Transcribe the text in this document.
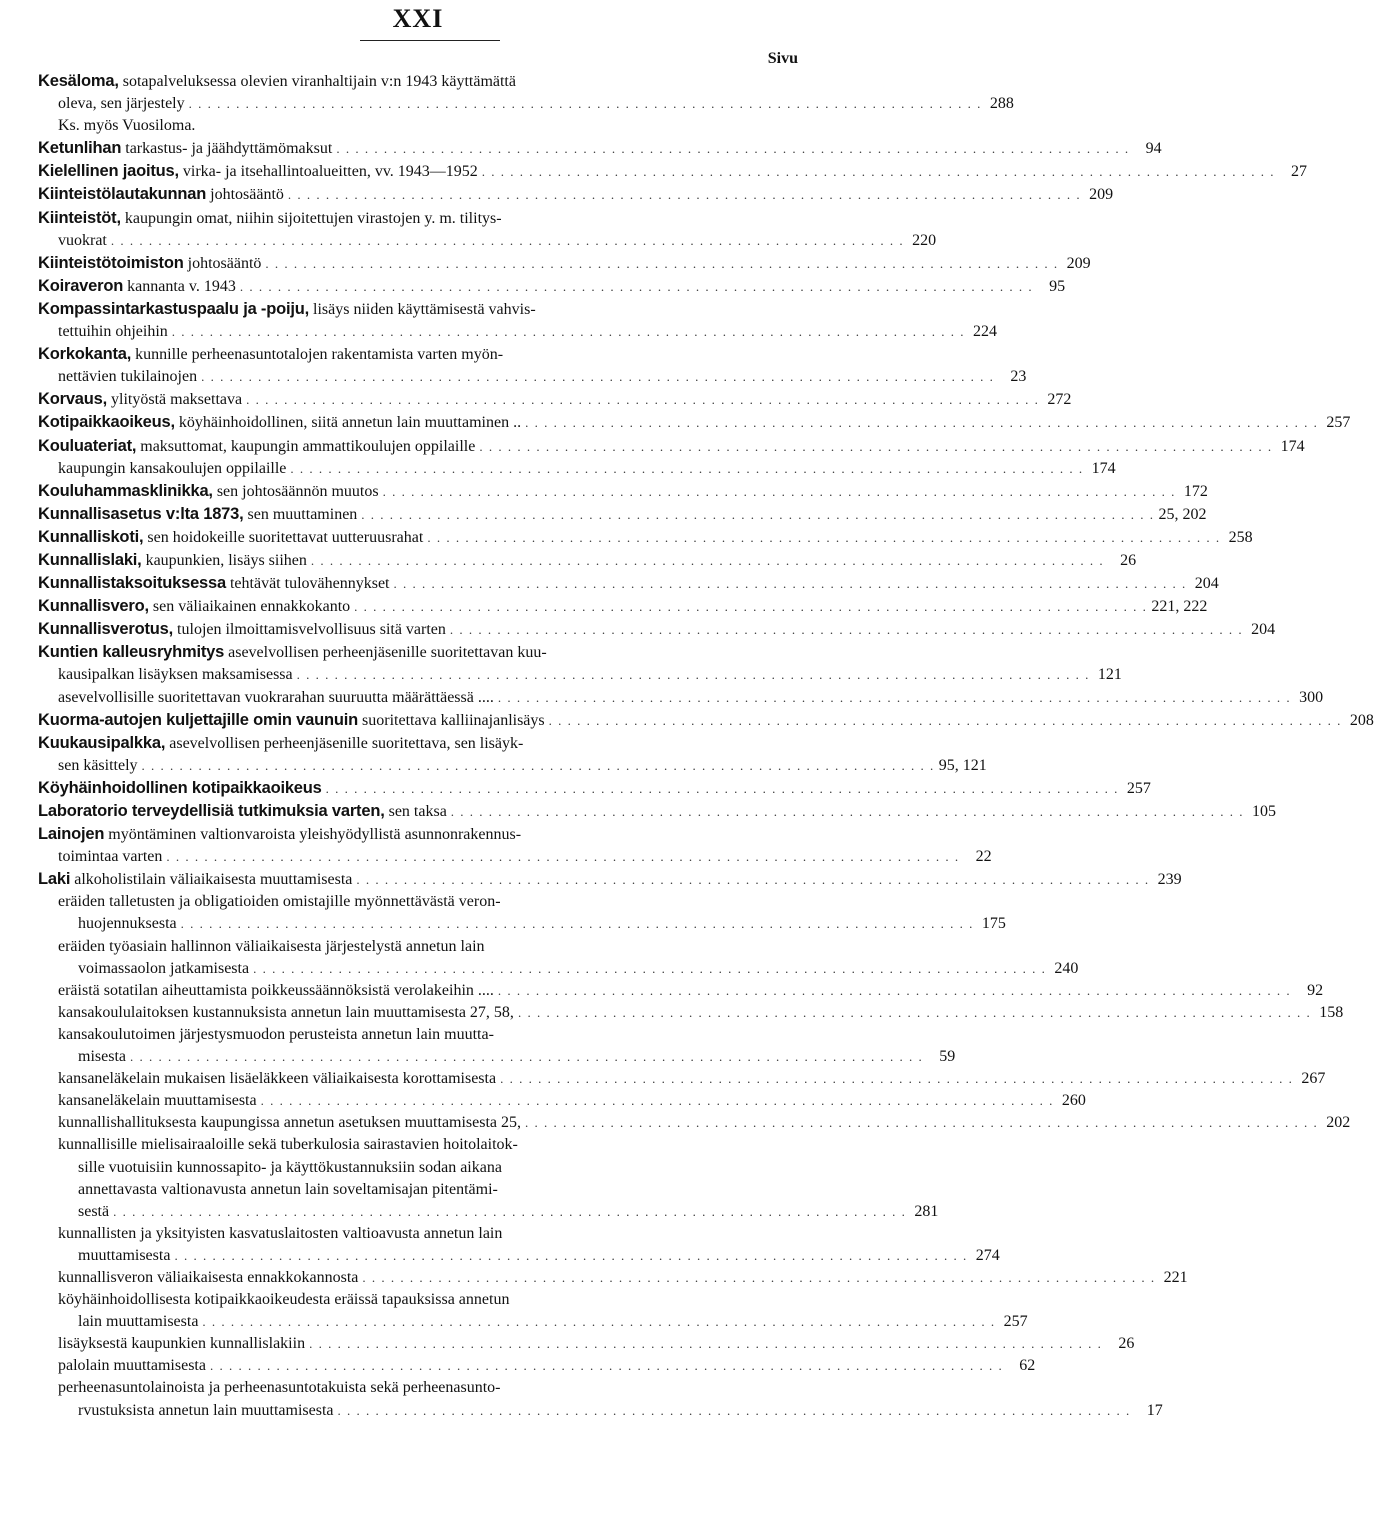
XXI
Sivu
Kesäloma, sotapalveluksessa olevien viranhaltijain v:n 1943 käyttämättä
oleva, sen järjestely . . . . . . . . . . . . . . . . . . . . . . . . . . . . . . . . . . . . . . . . . . . . . . . . . . . . . . . . . . . . . . . . . . . . . . . . . . . . . . . . . . . . 288
Ks. myös Vuosiloma.
Ketunlihan tarkastus- ja jäähdyttämömaksut . . . . . . . . . . . . . . . . . . . . . . . . . . . . . . . . . . . . . . . . . . . . . . . . . . . . . . . . . . . . . . . . . . . . . . . . . . . . . . . . . . . .	94
Kielellinen jaoitus, virka- ja itsehallintoalueitten, vv. 1943—1952 . . . . . . . . . . . . . . . . . . . . . . . . . . . . . . . . . . . . . . . . . . . . . . . . . . . . . . . . . . . . . . . . . . . . . . . . . . . . . . . . . . . .	27
Kiinteistölautakunnan johtosääntö . . . . . . . . . . . . . . . . . . . . . . . . . . . . . . . . . . . . . . . . . . . . . . . . . . . . . . . . . . . . . . . . . . . . . . . . . . . . . . . . . . . . 209
Kiinteistöt, kaupungin omat, niihin sijoitettujen virastojen y. m. tilitys-
vuokrat . . . . . . . . . . . . . . . . . . . . . . . . . . . . . . . . . . . . . . . . . . . . . . . . . . . . . . . . . . . . . . . . . . . . . . . . . . . . . . . . . . . . 220
Kiinteistötoimiston johtosääntö . . . . . . . . . . . . . . . . . . . . . . . . . . . . . . . . . . . . . . . . . . . . . . . . . . . . . . . . . . . . . . . . . . . . . . . . . . . . . . . . . . . . 209
Koiraveron kannanta v. 1943 . . . . . . . . . . . . . . . . . . . . . . . . . . . . . . . . . . . . . . . . . . . . . . . . . . . . . . . . . . . . . . . . . . . . . . . . . . . . . . . . . . . .	95
Kompassintarkastuspaalu ja -poiju, lisäys niiden käyttämisestä vahvis-
tettuihin ohjeihin . . . . . . . . . . . . . . . . . . . . . . . . . . . . . . . . . . . . . . . . . . . . . . . . . . . . . . . . . . . . . . . . . . . . . . . . . . . . . . . . . . . . 224
Korkokanta, kunnille perheenasuntotalojen rakentamista varten myön-
nettävien tukilainojen . . . . . . . . . . . . . . . . . . . . . . . . . . . . . . . . . . . . . . . . . . . . . . . . . . . . . . . . . . . . . . . . . . . . . . . . . . . . . . . . . . . .	23
Korvaus, ylityöstä maksettava . . . . . . . . . . . . . . . . . . . . . . . . . . . . . . . . . . . . . . . . . . . . . . . . . . . . . . . . . . . . . . . . . . . . . . . . . . . . . . . . . . . . 272
Kotipaikkaoikeus, köyhäinhoidollinen, siitä annetun lain muuttaminen .. . . . . . . . . . . . . . . . . . . . . . . . . . . . . . . . . . . . . . . . . . . . . . . . . . . . . . . . . . . . . . . . . . . . . . . . . . . . . . . . . . . . . 257
Kouluateriat, maksuttomat, kaupungin ammattikoulujen oppilaille . . . . . . . . . . . . . . . . . . . . . . . . . . . . . . . . . . . . . . . . . . . . . . . . . . . . . . . . . . . . . . . . . . . . . . . . . . . . . . . . . . . . 174
kaupungin kansakoulujen oppilaille . . . . . . . . . . . . . . . . . . . . . . . . . . . . . . . . . . . . . . . . . . . . . . . . . . . . . . . . . . . . . . . . . . . . . . . . . . . . . . . . . . . . 174
Kouluhammasklinikka, sen johtosäännön muutos . . . . . . . . . . . . . . . . . . . . . . . . . . . . . . . . . . . . . . . . . . . . . . . . . . . . . . . . . . . . . . . . . . . . . . . . . . . . . . . . . . . . 172
Kunnallisasetus v:lta 1873, sen muuttaminen . . . . . . . . . . . . . . . . . . . . . . . . . . . . . . . . . . . . . . . . . . . . . . . . . . . . . . . . . . . . . . . . . . . . . . . . . . . . . . . . . . . . 25, 202
Kunnalliskoti, sen hoidokeille suoritettavat uutteruusrahat . . . . . . . . . . . . . . . . . . . . . . . . . . . . . . . . . . . . . . . . . . . . . . . . . . . . . . . . . . . . . . . . . . . . . . . . . . . . . . . . . . . . 258
Kunnallislaki, kaupunkien, lisäys siihen . . . . . . . . . . . . . . . . . . . . . . . . . . . . . . . . . . . . . . . . . . . . . . . . . . . . . . . . . . . . . . . . . . . . . . . . . . . . . . . . . . . .	26
Kunnallistaksoituksessa tehtävät tulovähennykset . . . . . . . . . . . . . . . . . . . . . . . . . . . . . . . . . . . . . . . . . . . . . . . . . . . . . . . . . . . . . . . . . . . . . . . . . . . . . . . . . . . . 204
Kunnallisvero, sen väliaikainen ennakkokanto . . . . . . . . . . . . . . . . . . . . . . . . . . . . . . . . . . . . . . . . . . . . . . . . . . . . . . . . . . . . . . . . . . . . . . . . . . . . . . . . . . . . 221, 222
Kunnallisverotus, tulojen ilmoittamisvelvollisuus sitä varten . . . . . . . . . . . . . . . . . . . . . . . . . . . . . . . . . . . . . . . . . . . . . . . . . . . . . . . . . . . . . . . . . . . . . . . . . . . . . . . . . . . . 204
Kuntien kalleusryhmitys asevelvollisen perheenjäsenille suoritettavan kuu-
kausipalkan lisäyksen maksamisessa . . . . . . . . . . . . . . . . . . . . . . . . . . . . . . . . . . . . . . . . . . . . . . . . . . . . . . . . . . . . . . . . . . . . . . . . . . . . . . . . . . . . 121
asevelvollisille suoritettavan vuokrarahan suuruutta määrättäessä .... . . . . . . . . . . . . . . . . . . . . . . . . . . . . . . . . . . . . . . . . . . . . . . . . . . . . . . . . . . . . . . . . . . . . . . . . . . . . . . . . . . . . 300
Kuorma-autojen kuljettajille omin vaunuin suoritettava kalliinajanlisäys . . . . . . . . . . . . . . . . . . . . . . . . . . . . . . . . . . . . . . . . . . . . . . . . . . . . . . . . . . . . . . . . . . . . . . . . . . . . . . . . . . . . 208
Kuukausipalkka, asevelvollisen perheenjäsenille suoritettava, sen lisäyk-
sen käsittely . . . . . . . . . . . . . . . . . . . . . . . . . . . . . . . . . . . . . . . . . . . . . . . . . . . . . . . . . . . . . . . . . . . . . . . . . . . . . . . . . . . . 95, 121
Köyhäinhoidollinen kotipaikkaoikeus . . . . . . . . . . . . . . . . . . . . . . . . . . . . . . . . . . . . . . . . . . . . . . . . . . . . . . . . . . . . . . . . . . . . . . . . . . . . . . . . . . . . 257
Laboratorio terveydellisiä tutkimuksia varten, sen taksa . . . . . . . . . . . . . . . . . . . . . . . . . . . . . . . . . . . . . . . . . . . . . . . . . . . . . . . . . . . . . . . . . . . . . . . . . . . . . . . . . . . . 105
Lainojen myöntäminen valtionvaroista yleishyödyllistä asunnonrakennus-
toimintaa varten . . . . . . . . . . . . . . . . . . . . . . . . . . . . . . . . . . . . . . . . . . . . . . . . . . . . . . . . . . . . . . . . . . . . . . . . . . . . . . . . . . . .	22
Laki alkoholistilain väliaikaisesta muuttamisesta . . . . . . . . . . . . . . . . . . . . . . . . . . . . . . . . . . . . . . . . . . . . . . . . . . . . . . . . . . . . . . . . . . . . . . . . . . . . . . . . . . . . 239
eräiden talletusten ja obligatioiden omistajille myönnettävästä veron-
huojennuksesta . . . . . . . . . . . . . . . . . . . . . . . . . . . . . . . . . . . . . . . . . . . . . . . . . . . . . . . . . . . . . . . . . . . . . . . . . . . . . . . . . . . . 175
eräiden työasiain hallinnon väliaikaisesta järjestelystä annetun lain
voimassaolon jatkamisesta . . . . . . . . . . . . . . . . . . . . . . . . . . . . . . . . . . . . . . . . . . . . . . . . . . . . . . . . . . . . . . . . . . . . . . . . . . . . . . . . . . . . 240
eräistä sotatilan aiheuttamista poikkeussäännöksistä verolakeihin .... . . . . . . . . . . . . . . . . . . . . . . . . . . . . . . . . . . . . . . . . . . . . . . . . . . . . . . . . . . . . . . . . . . . . . . . . . . . . . . . . . . . .	92
kansakoululaitoksen kustannuksista annetun lain muuttamisesta 27, 58, . . . . . . . . . . . . . . . . . . . . . . . . . . . . . . . . . . . . . . . . . . . . . . . . . . . . . . . . . . . . . . . . . . . . . . . . . . . . . . . . . . . . 158
kansakoulutoimen järjestysmuodon perusteista annetun lain muutta-
misesta . . . . . . . . . . . . . . . . . . . . . . . . . . . . . . . . . . . . . . . . . . . . . . . . . . . . . . . . . . . . . . . . . . . . . . . . . . . . . . . . . . . .	59
kansaneläkelain mukaisen lisäeläkkeen väliaikaisesta korottamisesta . . . . . . . . . . . . . . . . . . . . . . . . . . . . . . . . . . . . . . . . . . . . . . . . . . . . . . . . . . . . . . . . . . . . . . . . . . . . . . . . . . . . 267
kansaneläkelain muuttamisesta . . . . . . . . . . . . . . . . . . . . . . . . . . . . . . . . . . . . . . . . . . . . . . . . . . . . . . . . . . . . . . . . . . . . . . . . . . . . . . . . . . . . 260
kunnallishallituksesta kaupungissa annetun asetuksen muuttamisesta 25, . . . . . . . . . . . . . . . . . . . . . . . . . . . . . . . . . . . . . . . . . . . . . . . . . . . . . . . . . . . . . . . . . . . . . . . . . . . . . . . . . . . . 202
kunnallisille mielisairaaloille sekä tuberkulosia sairastavien hoitolaitok-
sille vuotuisiin kunnossapito- ja käyttökustannuksiin sodan aikana
annettavasta valtionavusta annetun lain soveltamisajan pitentämi-
sestä . . . . . . . . . . . . . . . . . . . . . . . . . . . . . . . . . . . . . . . . . . . . . . . . . . . . . . . . . . . . . . . . . . . . . . . . . . . . . . . . . . . . 281
kunnallisten ja yksityisten kasvatuslaitosten valtioavusta annetun lain
muuttamisesta . . . . . . . . . . . . . . . . . . . . . . . . . . . . . . . . . . . . . . . . . . . . . . . . . . . . . . . . . . . . . . . . . . . . . . . . . . . . . . . . . . . . 274
kunnallisveron väliaikaisesta ennakkokannosta . . . . . . . . . . . . . . . . . . . . . . . . . . . . . . . . . . . . . . . . . . . . . . . . . . . . . . . . . . . . . . . . . . . . . . . . . . . . . . . . . . . . 221
köyhäinhoidollisesta kotipaikkaoikeudesta eräissä tapauksissa annetun
lain muuttamisesta . . . . . . . . . . . . . . . . . . . . . . . . . . . . . . . . . . . . . . . . . . . . . . . . . . . . . . . . . . . . . . . . . . . . . . . . . . . . . . . . . . . . 257
lisäyksestä kaupunkien kunnallislakiin . . . . . . . . . . . . . . . . . . . . . . . . . . . . . . . . . . . . . . . . . . . . . . . . . . . . . . . . . . . . . . . . . . . . . . . . . . . . . . . . . . . .	26
palolain muuttamisesta . . . . . . . . . . . . . . . . . . . . . . . . . . . . . . . . . . . . . . . . . . . . . . . . . . . . . . . . . . . . . . . . . . . . . . . . . . . . . . . . . . . .	62
perheenasuntolainoista ja perheenasuntotakuista sekä perheenasunto-
rvustuksista annetun lain muuttamisesta . . . . . . . . . . . . . . . . . . . . . . . . . . . . . . . . . . . . . . . . . . . . . . . . . . . . . . . . . . . . . . . . . . . . . . . . . . . . . . . . . . . .	17
